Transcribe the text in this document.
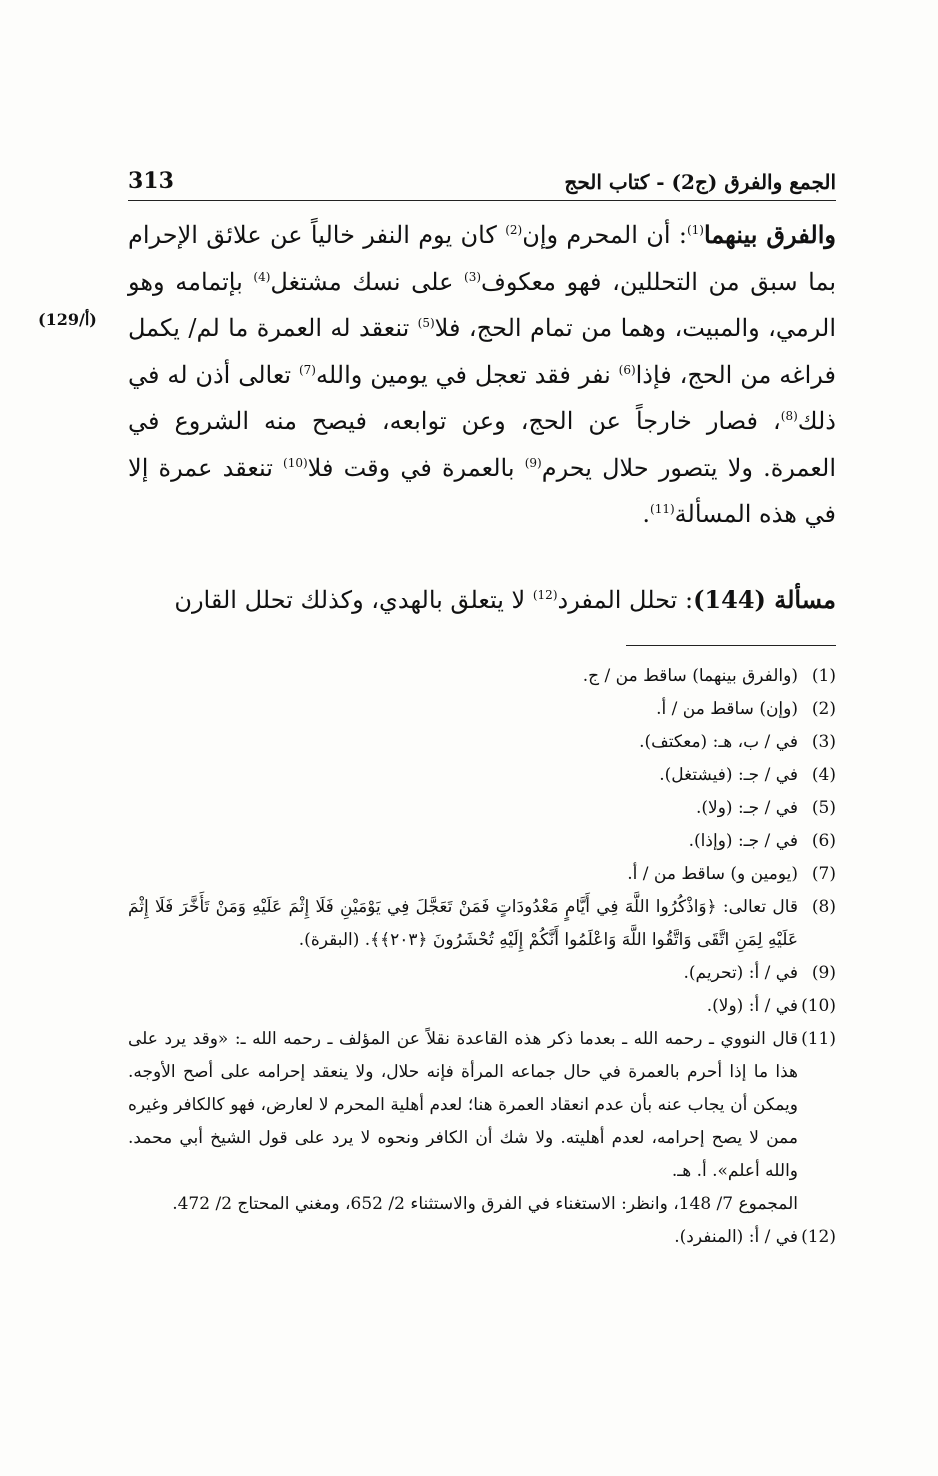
313	الجمع والفرق (ج2) - كتاب الحج
(129/أ)
والفرق بينهما$^{(1)}$: أن المحرم وإن$^{(2)}$ كان يوم النفر خالياً عن علائق الإحرام بما سبق من التحللين، فهو معكوف$^{(3)}$ على نسك مشتغل$^{(4)}$ بإتمامه وهو الرمي، والمبيت، وهما من تمام الحج، فلا$^{(5)}$ تنعقد له العمرة ما لم/ يكمل فراغه من الحج، فإذا$^{(6)}$ نفر فقد تعجل في يومين والله$^{(7)}$ تعالى أذن له في ذلك$^{(8)}$، فصار خارجاً عن الحج، وعن توابعه، فيصح منه الشروع في العمرة. ولا يتصور حلال يحرم$^{(9)}$ بالعمرة في وقت فلا$^{(10)}$ تنعقد عمرة إلا في هذه المسألة$^{(11)}$.
مسألة (144): تحلل المفرد$^{(12)}$ لا يتعلق بالهدي، وكذلك تحلل القارن
(1)
(والفرق بينهما) ساقط من / ج.
(2)
(وإن) ساقط من / أ.
(3)
في / ب، هـ: (معكتف).
(4)
في / جـ: (فيشتغل).
(5)
في / جـ: (ولا).
(6)
في / جـ: (وإذا).
(7)
(يومين و) ساقط من / أ.
(8)
قال تعالى: ﴿وَاذْكُرُوا اللَّهَ فِي أَيَّامٍ مَعْدُودَاتٍ فَمَنْ تَعَجَّلَ فِي يَوْمَيْنِ فَلَا إِثْمَ عَلَيْهِ وَمَنْ تَأَخَّرَ فَلَا إِثْمَ عَلَيْهِ لِمَنِ اتَّقَى وَاتَّقُوا اللَّهَ وَاعْلَمُوا أَنَّكُمْ إِلَيْهِ تُحْشَرُونَ ﴿٢٠٣﴾﴾. (البقرة).
(9)
في / أ: (تحريم).
(10)
في / أ: (ولا).
(11)
قال النووي ـ رحمه الله ـ بعدما ذكر هذه القاعدة نقلاً عن المؤلف ـ رحمه الله ـ: «وقد يرد على هذا ما إذا أحرم بالعمرة في حال جماعه المرأة فإنه حلال، ولا ينعقد إحرامه على أصح الأوجه. ويمكن أن يجاب عنه بأن عدم انعقاد العمرة هنا؛ لعدم أهلية المحرم لا لعارض، فهو كالكافر وغيره ممن لا يصح إحرامه، لعدم أهليته. ولا شك أن الكافر ونحوه لا يرد على قول الشيخ أبي محمد. والله أعلم». أ. هـ.
المجموع 7/ 148، وانظر: الاستغناء في الفرق والاستثناء 2/ 652، ومغني المحتاج 2/ 472.
(12)
في / أ: (المنفرد).
